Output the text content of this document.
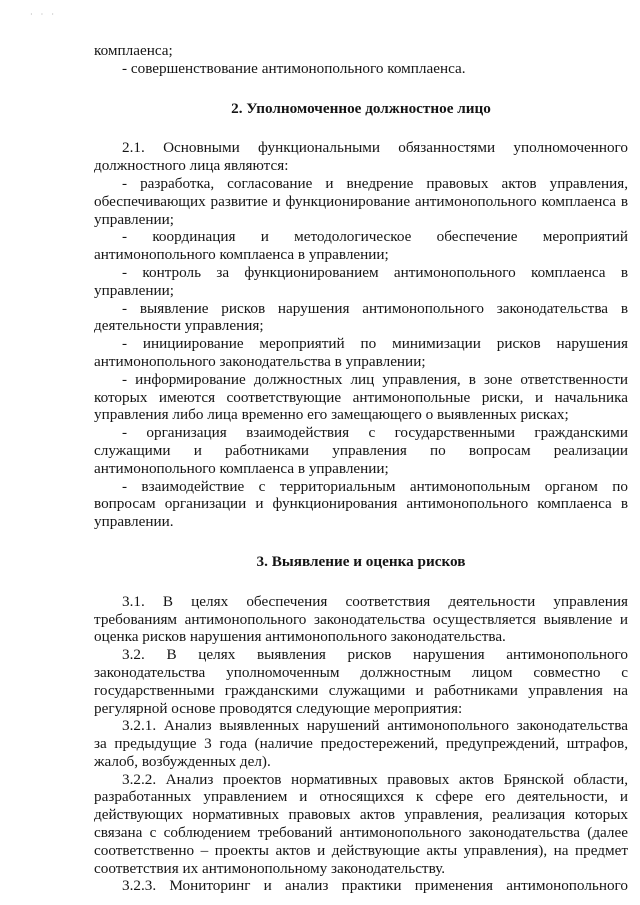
· · ·
комплаенса;
- совершенствование антимонопольного комплаенса.
2. Уполномоченное должностное лицо
2.1. Основными функциональными обязанностями уполномоченного
должностного лица являются:
- разработка, согласование и внедрение правовых актов управления,
обеспечивающих развитие и функционирование антимонопольного комплаенса в
управлении;
- координация и методологическое обеспечение мероприятий
антимонопольного комплаенса в управлении;
- контроль за функционированием антимонопольного комплаенса в
управлении;
- выявление рисков нарушения антимонопольного законодательства в
деятельности управления;
- инициирование мероприятий по минимизации рисков нарушения
антимонопольного законодательства в управлении;
- информирование должностных лиц управления, в зоне ответственности
которых имеются соответствующие антимонопольные риски, и начальника
управления либо лица временно его замещающего о выявленных рисках;
- организация взаимодействия с государственными гражданскими
служащими и работниками управления по вопросам реализации
антимонопольного комплаенса в управлении;
- взаимодействие с территориальным антимонопольным органом по
вопросам организации и функционирования антимонопольного комплаенса в
управлении.
3. Выявление и оценка рисков
3.1. В целях обеспечения соответствия деятельности управления
требованиям антимонопольного законодательства осуществляется выявление и
оценка рисков нарушения антимонопольного законодательства.
3.2. В целях выявления рисков нарушения антимонопольного
законодательства уполномоченным должностным лицом совместно с
государственными гражданскими служащими и работниками управления на
регулярной основе проводятся следующие мероприятия:
3.2.1. Анализ выявленных нарушений антимонопольного законодательства
за предыдущие 3 года (наличие предостережений, предупреждений, штрафов,
жалоб, возбужденных дел).
3.2.2. Анализ проектов нормативных правовых актов Брянской области,
разработанных управлением и относящихся к сфере его деятельности, и
действующих нормативных правовых актов управления, реализация которых
связана с соблюдением требований антимонопольного законодательства (далее
соответственно – проекты актов и действующие акты управления), на предмет
соответствия их антимонопольному законодательству.
3.2.3. Мониторинг и анализ практики применения антимонопольного
